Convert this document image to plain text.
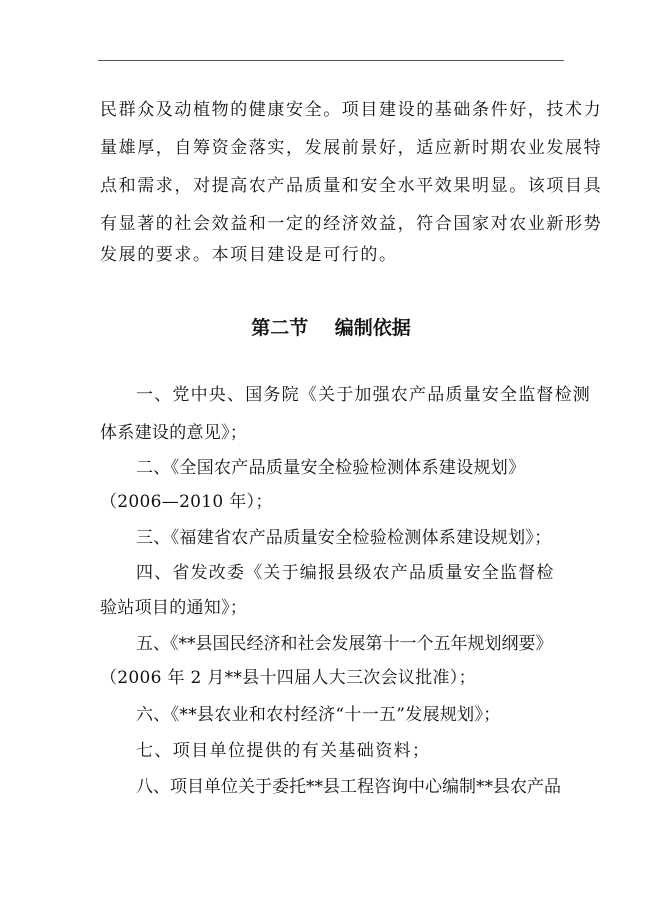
民群众及动植物的健康安全。项目建设的基础条件好，技术力
量雄厚，自筹资金落实，发展前景好，适应新时期农业发展特
点和需求，对提高农产品质量和安全水平效果明显。该项目具
有显著的社会效益和一定的经济效益，符合国家对农业新形势
发展的要求。本项目建设是可行的。
第二节    编制依据
一、党中央、国务院《关于加强农产品质量安全监督检测
体系建设的意见》；
二、《全国农产品质量安全检验检测体系建设规划》
（2006—2010 年）；
三、《福建省农产品质量安全检验检测体系建设规划》；
四、省发改委《关于编报县级农产品质量安全监督检
验站项目的通知》；
五、《**县国民经济和社会发展第十一个五年规划纲要》
（2006 年 2 月**县十四届人大三次会议批准）；
六、《**县农业和农村经济“十一五”发展规划》；
七、项目单位提供的有关基础资料；
八、项目单位关于委托**县工程咨询中心编制**县农产品
